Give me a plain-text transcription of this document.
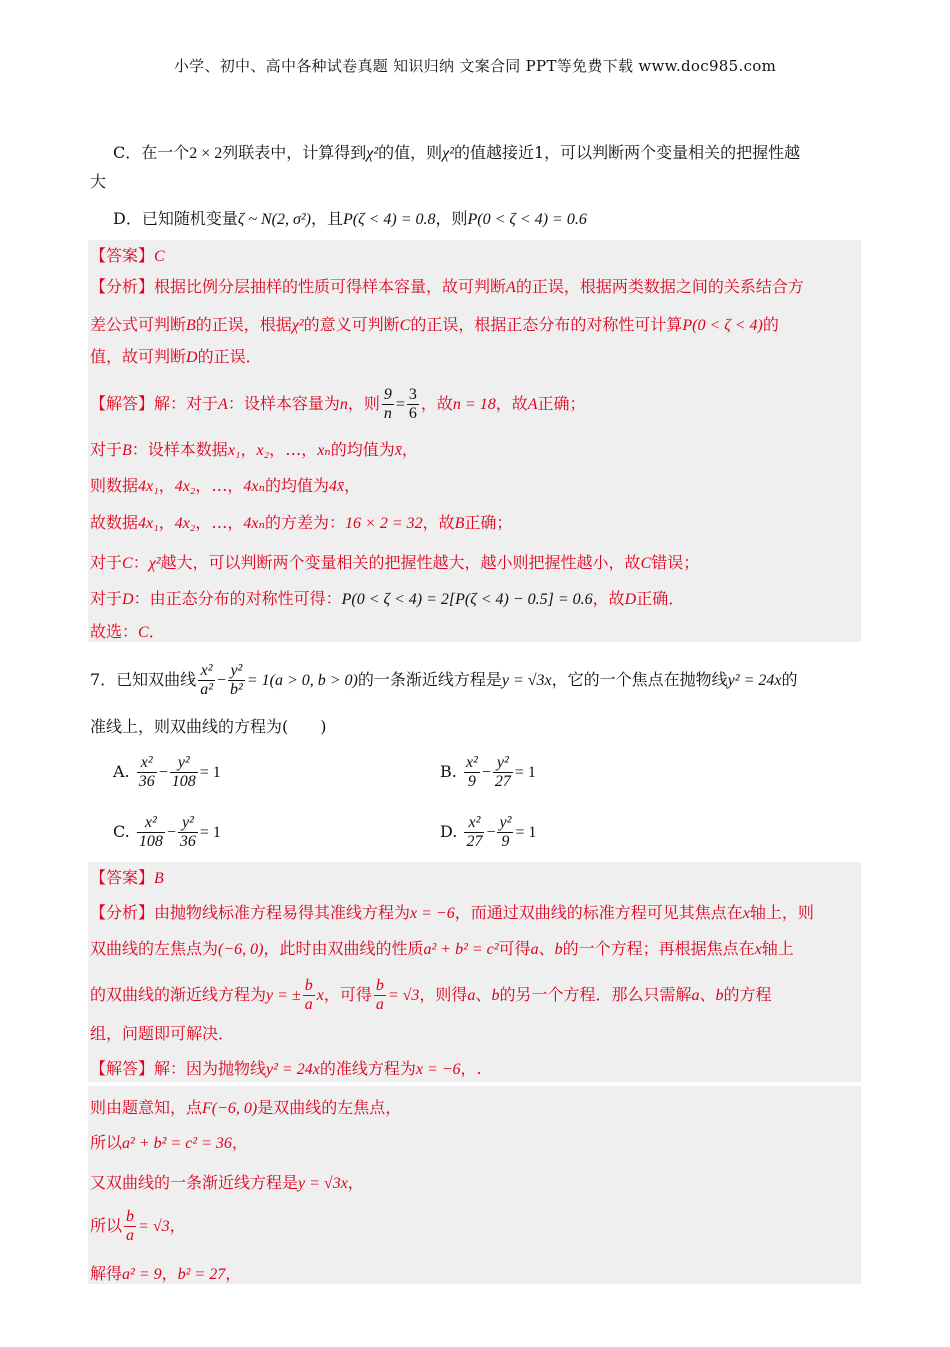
小学、初中、高中各种试卷真题 知识归纳 文案合同 PPT等免费下载 www.doc985.com
C．在一个2 × 2列联表中，计算得到χ²的值，则χ²的值越接近1，可以判断两个变量相关的把握性越
大
D．已知随机变量ζ ~ N(2, σ²)，且P(ζ < 4) = 0.8，则P(0 < ζ < 4) = 0.6
【答案】C
【分析】根据比例分层抽样的性质可得样本容量，故可判断A的正误，根据两类数据之间的关系结合方
差公式可判断B的正误，根据χ²的意义可判断C的正误，根据正态分布的对称性可计算P(0 < ζ < 4)的
值，故可判断D的正误．
【解答】解：对于A：设样本容量为n，则 $\frac{9}{n} = \frac{3}{6}$ ，故n = 18，故A正确；
对于B：设样本数据x₁，x₂，…，xₙ的均值为x̄，
则数据4x₁，4x₂，…，4xₙ的均值为4x̄，
故数据4x₁，4x₂，…，4xₙ的方差为：16 × 2 = 32，故B正确；
对于C：χ²越大，可以判断两个变量相关的把握性越大，越小则把握性越小，故C错误；
对于D：由正态分布的对称性可得：P(0 < ζ < 4) = 2[P(ζ < 4) − 0.5] = 0.6，故D正确．
故选：C．
7．已知双曲线 $\frac{\text{x²}}{\text{a²}} - \frac{\text{y²}}{\text{b²}} = 1(a > 0$, b > 0)的一条渐近线方程是y = √3x，它的一个焦点在抛物线y² = 24x的
准线上，则双曲线的方程为(　　)
A. $\frac{\text{x²}}{36} - \frac{\text{y²}}{108} = 1$	B. $\frac{\text{x²}}{9} - \frac{\text{y²}}{27} = 1$
C. $\frac{\text{x²}}{108} - \frac{\text{y²}}{36} = 1$	D. $\frac{\text{x²}}{27} - \frac{\text{y²}}{9} = 1$
【答案】B
【分析】由抛物线标准方程易得其准线方程为x = −6，而通过双曲线的标准方程可见其焦点在x轴上，则
双曲线的左焦点为(−6, 0)，此时由双曲线的性质a² + b² = c²可得a、b的一个方程；再根据焦点在x轴上
的双曲线的渐近线方程为y = ± $\frac{b}{a}$ x，可得 $\frac{b}{a} = √3$，则得a、b的另一个方程．那么只需解a、b的方程
组，问题即可解决．
【解答】解：因为抛物线y² = 24x的准线方程为x = −6，.
则由题意知，点F(−6, 0)是双曲线的左焦点，
所以a² + b² = c² = 36，
又双曲线的一条渐近线方程是y = √3x，
所以 $\frac{b}{a} = √3$，
解得a² = 9，b² = 27，
